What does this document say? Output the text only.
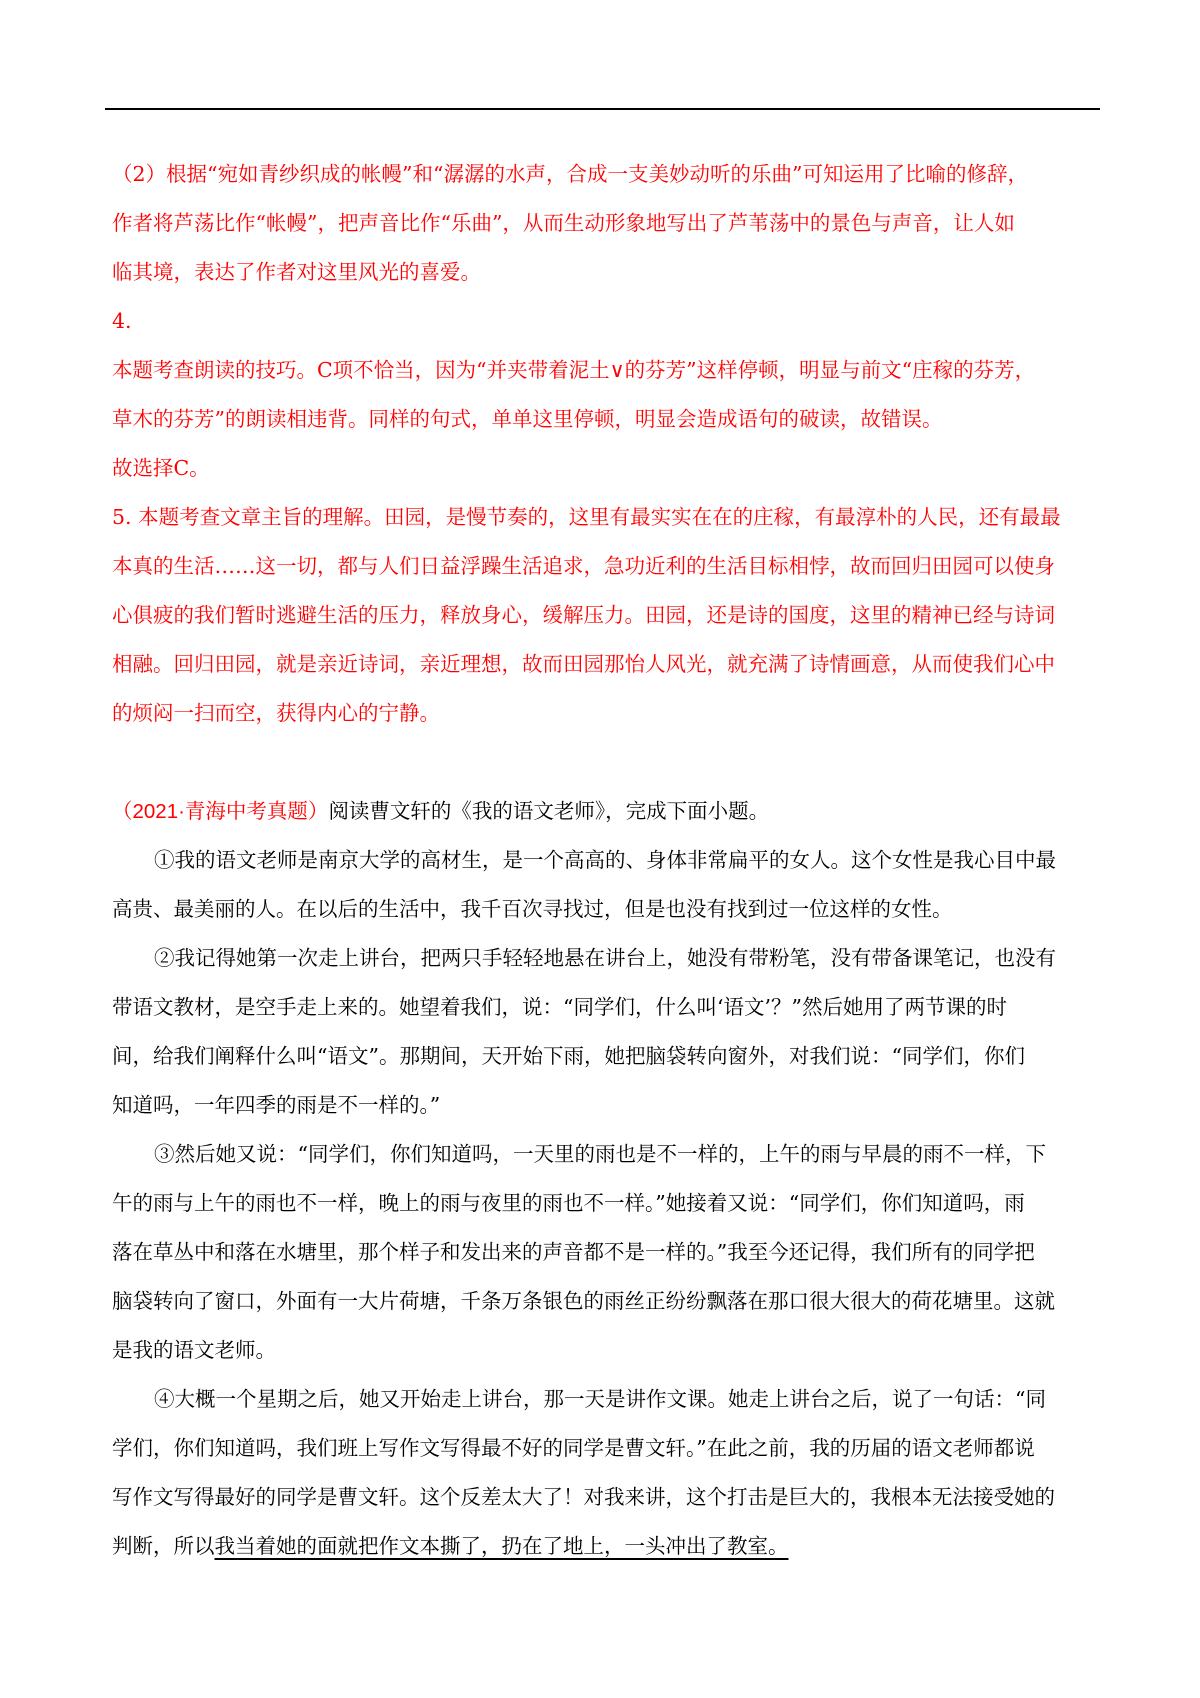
（2）根据“宛如青纱织成的帐幔”和“潺潺的水声，合成一支美妙动听的乐曲”可知运用了比喻的修辞，
作者将芦荡比作“帐幔”，把声音比作“乐曲”，从而生动形象地写出了芦苇荡中的景色与声音，让人如
临其境，表达了作者对这里风光的喜爱。
4.
本题考查朗读的技巧。C项不恰当，因为“并夹带着泥土∨的芬芳”这样停顿，明显与前文“庄稼的芬芳，
草木的芬芳”的朗读相违背。同样的句式，单单这里停顿，明显会造成语句的破读，故错误。
故选择C。
5. 本题考查文章主旨的理解。田园，是慢节奏的，这里有最实实在在的庄稼，有最淳朴的人民，还有最最
本真的生活……这一切，都与人们日益浮躁生活追求，急功近利的生活目标相悖，故而回归田园可以使身
心俱疲的我们暂时逃避生活的压力，释放身心，缓解压力。田园，还是诗的国度，这里的精神已经与诗词
相融。回归田园，就是亲近诗词，亲近理想，故而田园那怡人风光，就充满了诗情画意，从而使我们心中
的烦闷一扫而空，获得内心的宁静。
（2021·青海中考真题）阅读曹文轩的《我的语文老师》，完成下面小题。
①我的语文老师是南京大学的高材生，是一个高高的、身体非常扁平的女人。这个女性是我心目中最
高贵、最美丽的人。在以后的生活中，我千百次寻找过，但是也没有找到过一位这样的女性。
②我记得她第一次走上讲台，把两只手轻轻地悬在讲台上，她没有带粉笔，没有带备课笔记，也没有
带语文教材，是空手走上来的。她望着我们，说：“同学们，什么叫‘语文’？”然后她用了两节课的时
间，给我们阐释什么叫“语文”。那期间，天开始下雨，她把脑袋转向窗外，对我们说：“同学们，你们
知道吗，一年四季的雨是不一样的。”
③然后她又说：“同学们，你们知道吗，一天里的雨也是不一样的，上午的雨与早晨的雨不一样，下
午的雨与上午的雨也不一样，晚上的雨与夜里的雨也不一样。”她接着又说：“同学们，你们知道吗，雨
落在草丛中和落在水塘里，那个样子和发出来的声音都不是一样的。”我至今还记得，我们所有的同学把
脑袋转向了窗口，外面有一大片荷塘，千条万条银色的雨丝正纷纷飘落在那口很大很大的荷花塘里。这就
是我的语文老师。
④大概一个星期之后，她又开始走上讲台，那一天是讲作文课。她走上讲台之后，说了一句话：“同
学们，你们知道吗，我们班上写作文写得最不好的同学是曹文轩。”在此之前，我的历届的语文老师都说
写作文写得最好的同学是曹文轩。这个反差太大了！对我来讲，这个打击是巨大的，我根本无法接受她的
判断，所以我当着她的面就把作文本撕了，扔在了地上，一头冲出了教室。
